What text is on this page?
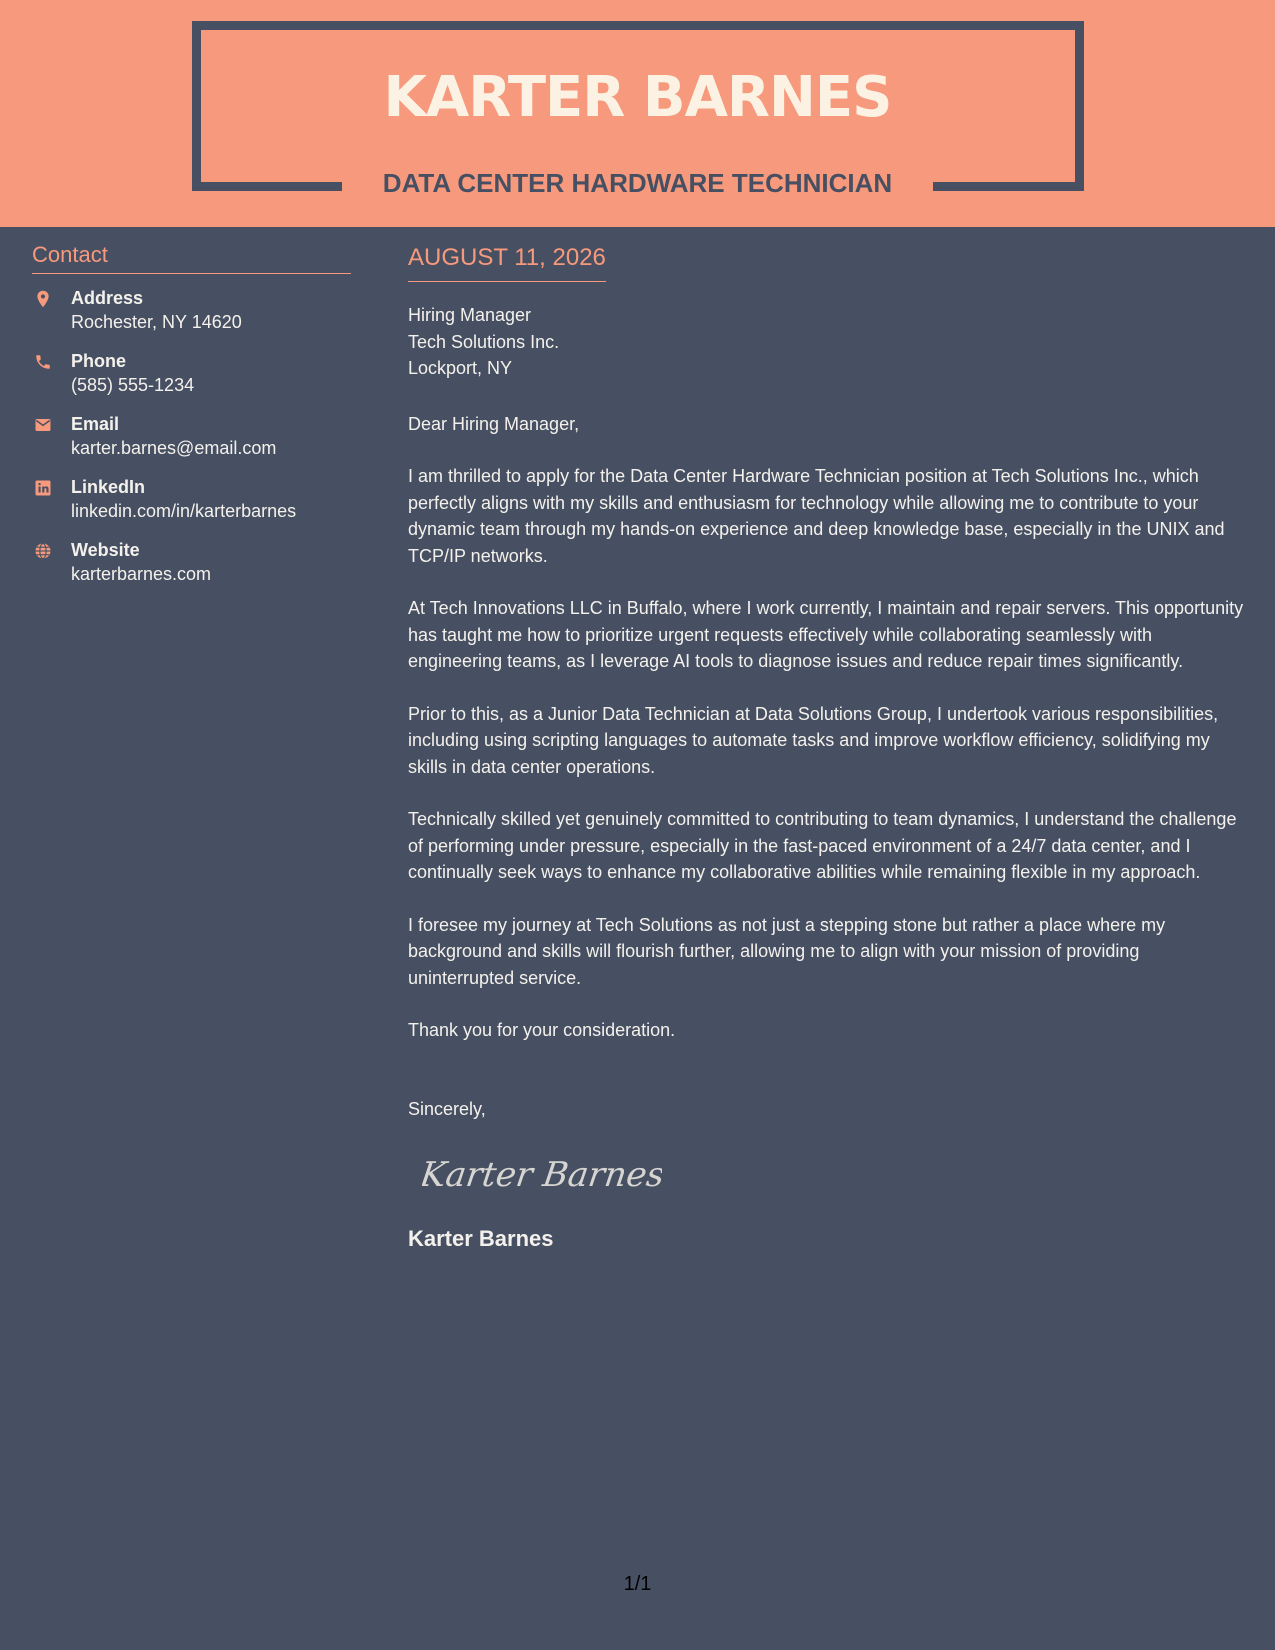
KARTER BARNES
DATA CENTER HARDWARE TECHNICIAN
Contact
Address
Rochester, NY 14620
Phone
(585) 555-1234
Email
karter.barnes@email.com
LinkedIn
linkedin.com/in/karterbarnes
Website
karterbarnes.com
AUGUST 11, 2026
Hiring Manager
Tech Solutions Inc.
Lockport, NY
Dear Hiring Manager,
I am thrilled to apply for the Data Center Hardware Technician position at Tech Solutions Inc., which perfectly aligns with my skills and enthusiasm for technology while allowing me to contribute to your dynamic team through my hands-on experience and deep knowledge base, especially in the UNIX and TCP/IP networks.
At Tech Innovations LLC in Buffalo, where I work currently, I maintain and repair servers. This opportunity has taught me how to prioritize urgent requests effectively while collaborating seamlessly with engineering teams, as I leverage AI tools to diagnose issues and reduce repair times significantly.
Prior to this, as a Junior Data Technician at Data Solutions Group, I undertook various responsibilities, including using scripting languages to automate tasks and improve workflow efficiency, solidifying my skills in data center operations.
Technically skilled yet genuinely committed to contributing to team dynamics, I understand the challenge of performing under pressure, especially in the fast-paced environment of a 24/7 data center, and I continually seek ways to enhance my collaborative abilities while remaining flexible in my approach.
I foresee my journey at Tech Solutions as not just a stepping stone but rather a place where my background and skills will flourish further, allowing me to align with your mission of providing uninterrupted service.
Thank you for your consideration.
Sincerely,
Karter Barnes
Karter Barnes
1/1
